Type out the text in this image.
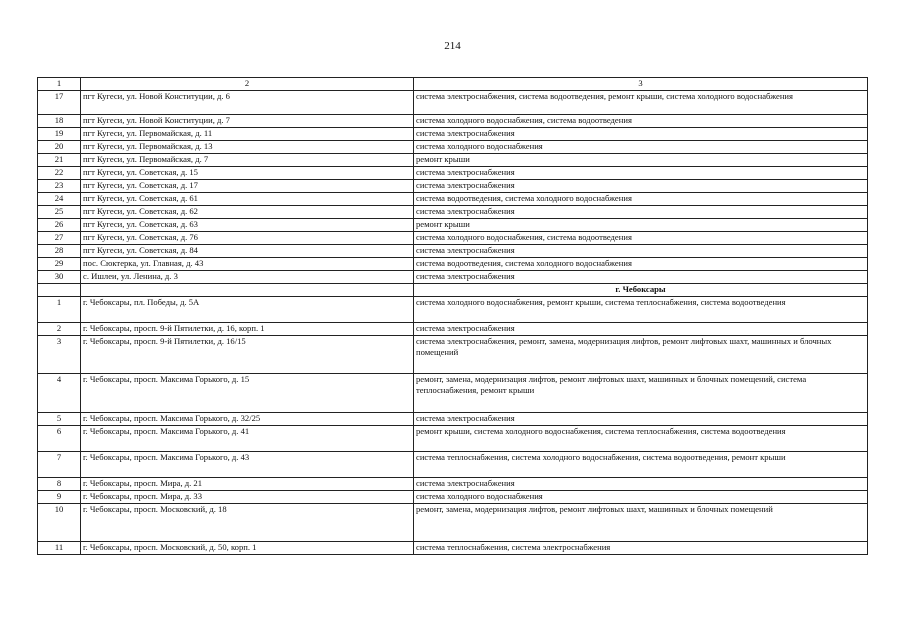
214
1	2	3
17	пгт Кугеси, ул. Новой Конституции, д. 6	система электроснабжения, система водоотведения, ремонт крыши, система холодного водоснабжения
18	пгт Кугеси, ул. Новой Конституции, д. 7	система холодного водоснабжения, система водоотведения
19	пгт Кугеси, ул. Первомайская, д. 11	система электроснабжения
20	пгт Кугеси, ул. Первомайская, д. 13	система холодного водоснабжения
21	пгт Кугеси, ул. Первомайская, д. 7	ремонт крыши
22	пгт Кугеси, ул. Советская, д. 15	система электроснабжения
23	пгт Кугеси, ул. Советская, д. 17	система электроснабжения
24	пгт Кугеси, ул. Советская, д. 61	система водоотведения, система холодного водоснабжения
25	пгт Кугеси, ул. Советская, д. 62	система электроснабжения
26	пгт Кугеси, ул. Советская, д. 63	ремонт крыши
27	пгт Кугеси, ул. Советская, д. 76	система холодного водоснабжения, система водоотведения
28	пгт Кугеси, ул. Советская, д. 84	система электроснабжения
29	пос. Сюктерка, ул. Главная, д. 43	система водоотведения, система холодного водоснабжения
30	с. Ишлеи, ул. Ленина, д. 3	система электроснабжения
		г. Чебоксары
1	г. Чебоксары, пл. Победы, д. 5А	система холодного водоснабжения, ремонт крыши, система теплоснабжения, система водоотведения
2	г. Чебоксары, просп. 9-й Пятилетки, д. 16, корп. 1	система электроснабжения
3	г. Чебоксары, просп. 9-й Пятилетки, д. 16/15	система электроснабжения, ремонт, замена, модернизация лифтов, ремонт лифтовых шахт, машинных и блочных помещений
4	г. Чебоксары, просп. Максима Горького, д. 15	ремонт, замена, модернизация лифтов, ремонт лифтовых шахт, машинных и блочных помещений, система теплоснабжения, ремонт крыши
5	г. Чебоксары, просп. Максима Горького, д. 32/25	система электроснабжения
6	г. Чебоксары, просп. Максима Горького, д. 41	ремонт крыши, система холодного водоснабжения, система теплоснабжения, система водоотведения
7	г. Чебоксары, просп. Максима Горького, д. 43	система теплоснабжения, система холодного водоснабжения, система водоотведения, ремонт крыши
8	г. Чебоксары, просп. Мира, д. 21	система электроснабжения
9	г. Чебоксары, просп. Мира, д. 33	система холодного водоснабжения
10	г. Чебоксары, просп. Московский, д. 18	ремонт, замена, модернизация лифтов, ремонт лифтовых шахт, машинных и блочных помещений
11	г. Чебоксары, просп. Московский, д. 50, корп. 1	система теплоснабжения, система электроснабжения
